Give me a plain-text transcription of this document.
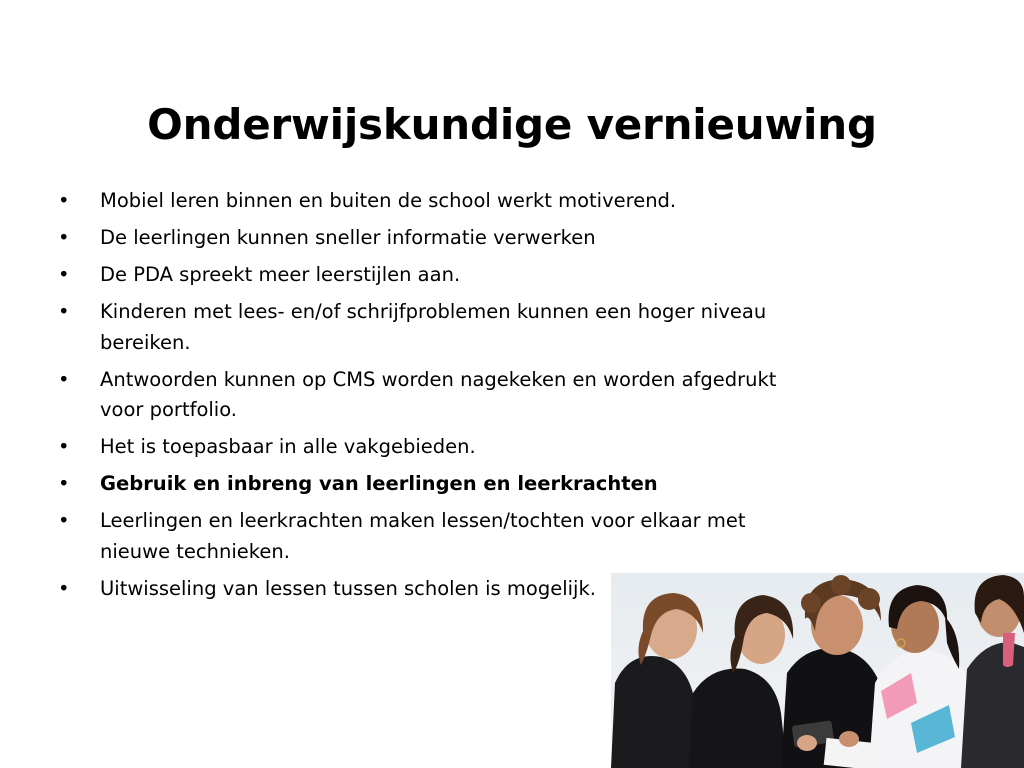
Onderwijskundige vernieuwing
•	Mobiel leren binnen en buiten de school werkt motiverend.
•	De leerlingen kunnen sneller informatie verwerken
•	De PDA spreekt meer leerstijlen aan.
•	Kinderen met lees- en/of schrijfproblemen kunnen een hoger niveau bereiken.
•	Antwoorden kunnen op CMS worden nagekeken en worden afgedrukt voor portfolio.
•	Het is toepasbaar in alle vakgebieden.
•	Gebruik en inbreng van leerlingen en leerkrachten
•	Leerlingen en leerkrachten maken lessen/tochten voor elkaar met nieuwe technieken.
•	Uitwisseling van lessen tussen scholen is mogelijk.
